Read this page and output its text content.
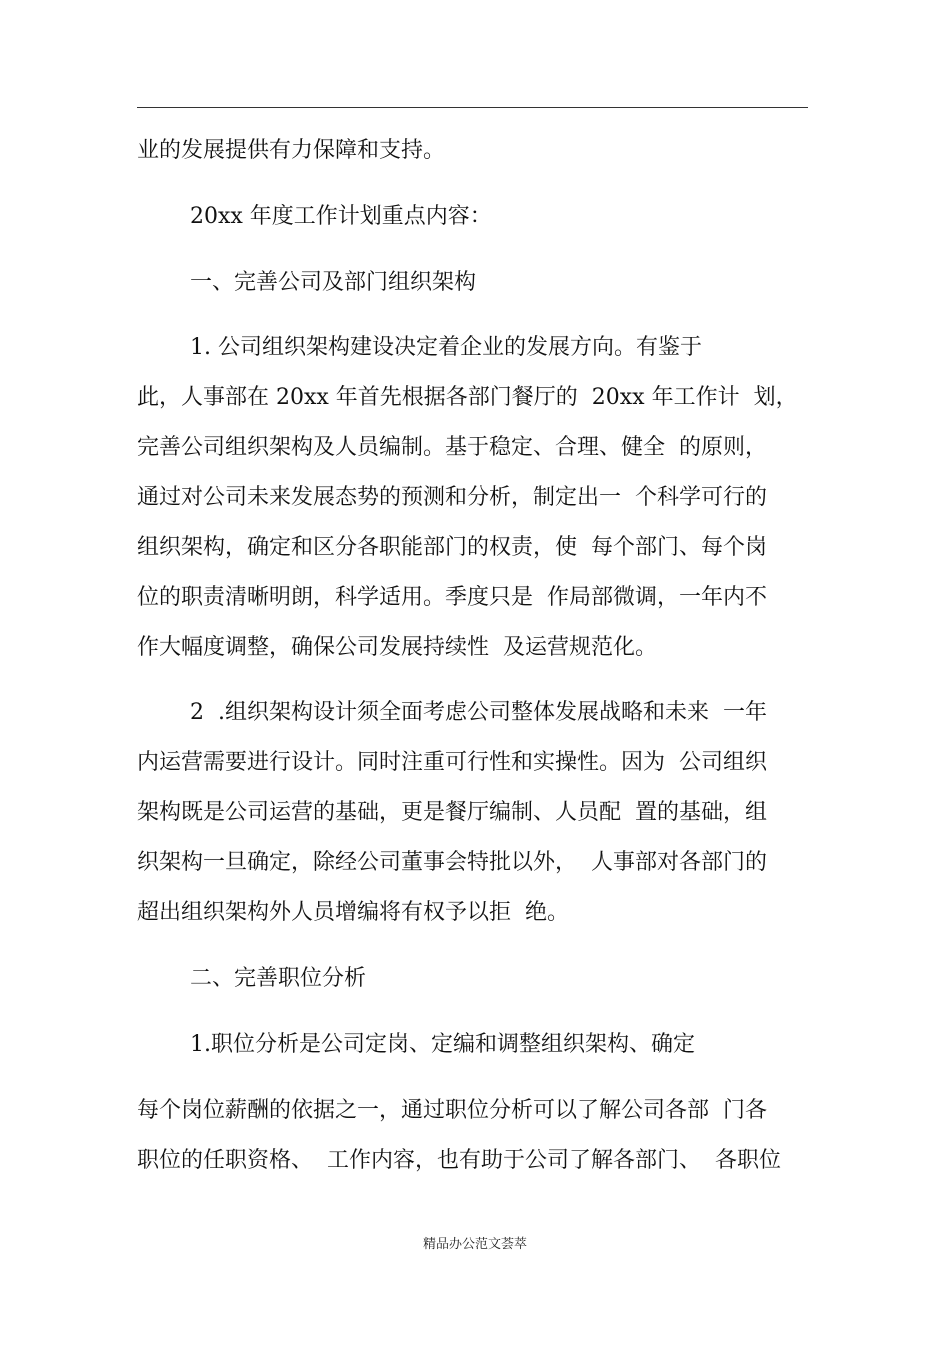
业的发展提供有力保障和支持。
20xx 年度工作计划重点内容：
一、完善公司及部门组织架构
1. 公司组织架构建设决定着企业的发展方向。有鉴于
此，人事部在 20xx 年首先根据各部门餐厅的  20xx 年工作计  划，
完善公司组织架构及人员编制。基于稳定、合理、健全  的原则，
通过对公司未来发展态势的预测和分析，制定出一  个科学可行的
组织架构，确定和区分各职能部门的权责，使  每个部门、每个岗
位的职责清晰明朗，科学适用。季度只是  作局部微调，一年内不
作大幅度调整，确保公司发展持续性  及运营规范化。
2  .组织架构设计须全面考虑公司整体发展战略和未来  一年
内运营需要进行设计。同时注重可行性和实操性。因为  公司组织
架构既是公司运营的基础，更是餐厅编制、人员配  置的基础，组
织架构一旦确定，除经公司董事会特批以外，  人事部对各部门的
超出组织架构外人员增编将有权予以拒  绝。
二、完善职位分析
1.职位分析是公司定岗、定编和调整组织架构、确定
每个岗位薪酬的依据之一，通过职位分析可以了解公司各部  门各
职位的任职资格、  工作内容，也有助于公司了解各部门、  各职位
精品办公范文荟萃
